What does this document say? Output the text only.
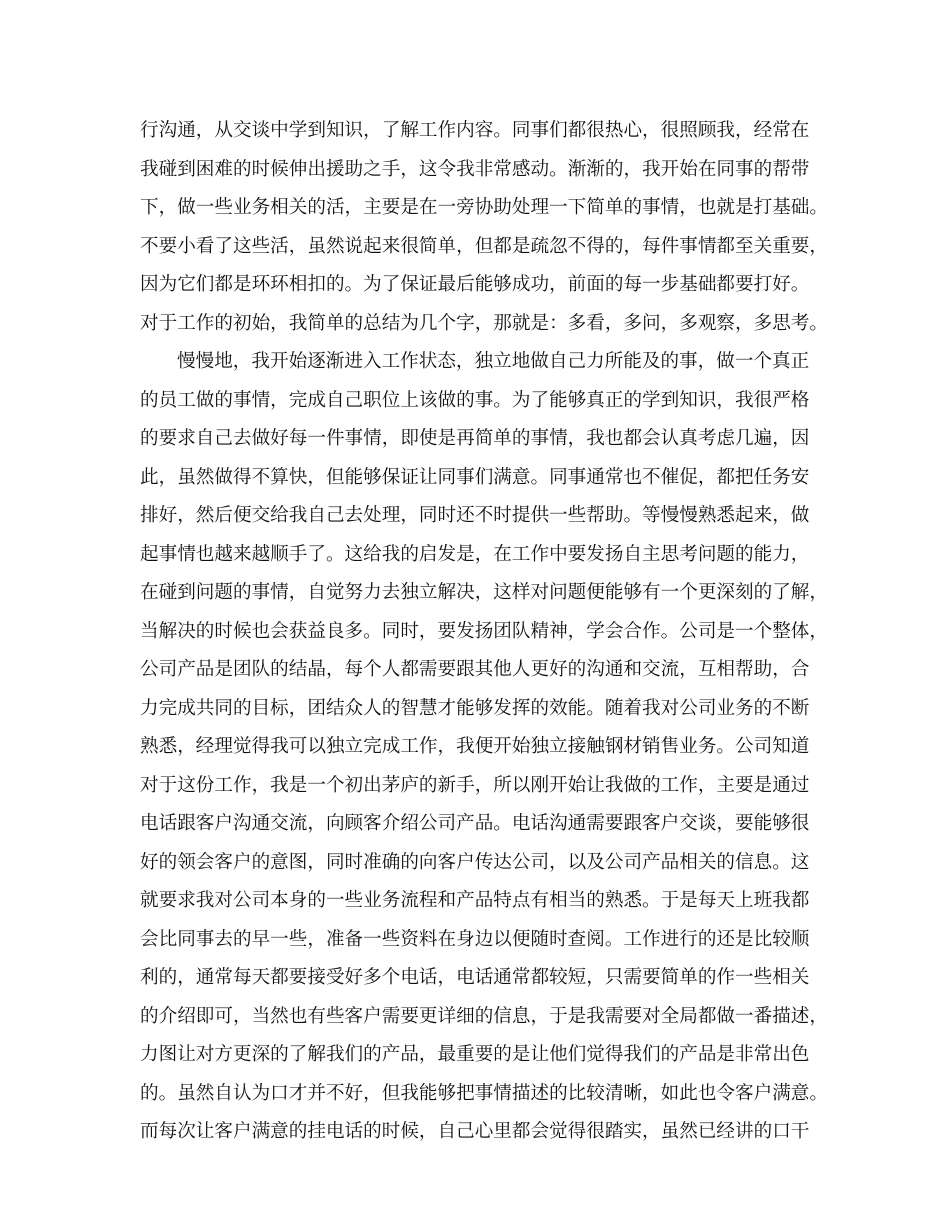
行沟通，从交谈中学到知识，了解工作内容。同事们都很热心，很照顾我，经常在
我碰到困难的时候伸出援助之手，这令我非常感动。渐渐的，我开始在同事的帮带
下，做一些业务相关的活，主要是在一旁协助处理一下简单的事情，也就是打基础。
不要小看了这些活，虽然说起来很简单，但都是疏忽不得的，每件事情都至关重要，
因为它们都是环环相扣的。为了保证最后能够成功，前面的每一步基础都要打好。
对于工作的初始，我简单的总结为几个字，那就是：多看，多问，多观察，多思考。
慢慢地，我开始逐渐进入工作状态，独立地做自己力所能及的事，做一个真正
的员工做的事情，完成自己职位上该做的事。为了能够真正的学到知识，我很严格
的要求自己去做好每一件事情，即使是再简单的事情，我也都会认真考虑几遍，因
此，虽然做得不算快，但能够保证让同事们满意。同事通常也不催促，都把任务安
排好，然后便交给我自己去处理，同时还不时提供一些帮助。等慢慢熟悉起来，做
起事情也越来越顺手了。这给我的启发是，在工作中要发扬自主思考问题的能力，
在碰到问题的事情，自觉努力去独立解决，这样对问题便能够有一个更深刻的了解，
当解决的时候也会获益良多。同时，要发扬团队精神，学会合作。公司是一个整体，
公司产品是团队的结晶，每个人都需要跟其他人更好的沟通和交流，互相帮助，合
力完成共同的目标，团结众人的智慧才能够发挥的效能。随着我对公司业务的不断
熟悉，经理觉得我可以独立完成工作，我便开始独立接触钢材销售业务。公司知道
对于这份工作，我是一个初出茅庐的新手，所以刚开始让我做的工作，主要是通过
电话跟客户沟通交流，向顾客介绍公司产品。电话沟通需要跟客户交谈，要能够很
好的领会客户的意图，同时准确的向客户传达公司，以及公司产品相关的信息。这
就要求我对公司本身的一些业务流程和产品特点有相当的熟悉。于是每天上班我都
会比同事去的早一些，准备一些资料在身边以便随时查阅。工作进行的还是比较顺
利的，通常每天都要接受好多个电话，电话通常都较短，只需要简单的作一些相关
的介绍即可，当然也有些客户需要更详细的信息，于是我需要对全局都做一番描述，
力图让对方更深的了解我们的产品，最重要的是让他们觉得我们的产品是非常出色
的。虽然自认为口才并不好，但我能够把事情描述的比较清晰，如此也令客户满意。
而每次让客户满意的挂电话的时候，自己心里都会觉得很踏实，虽然已经讲的口干
